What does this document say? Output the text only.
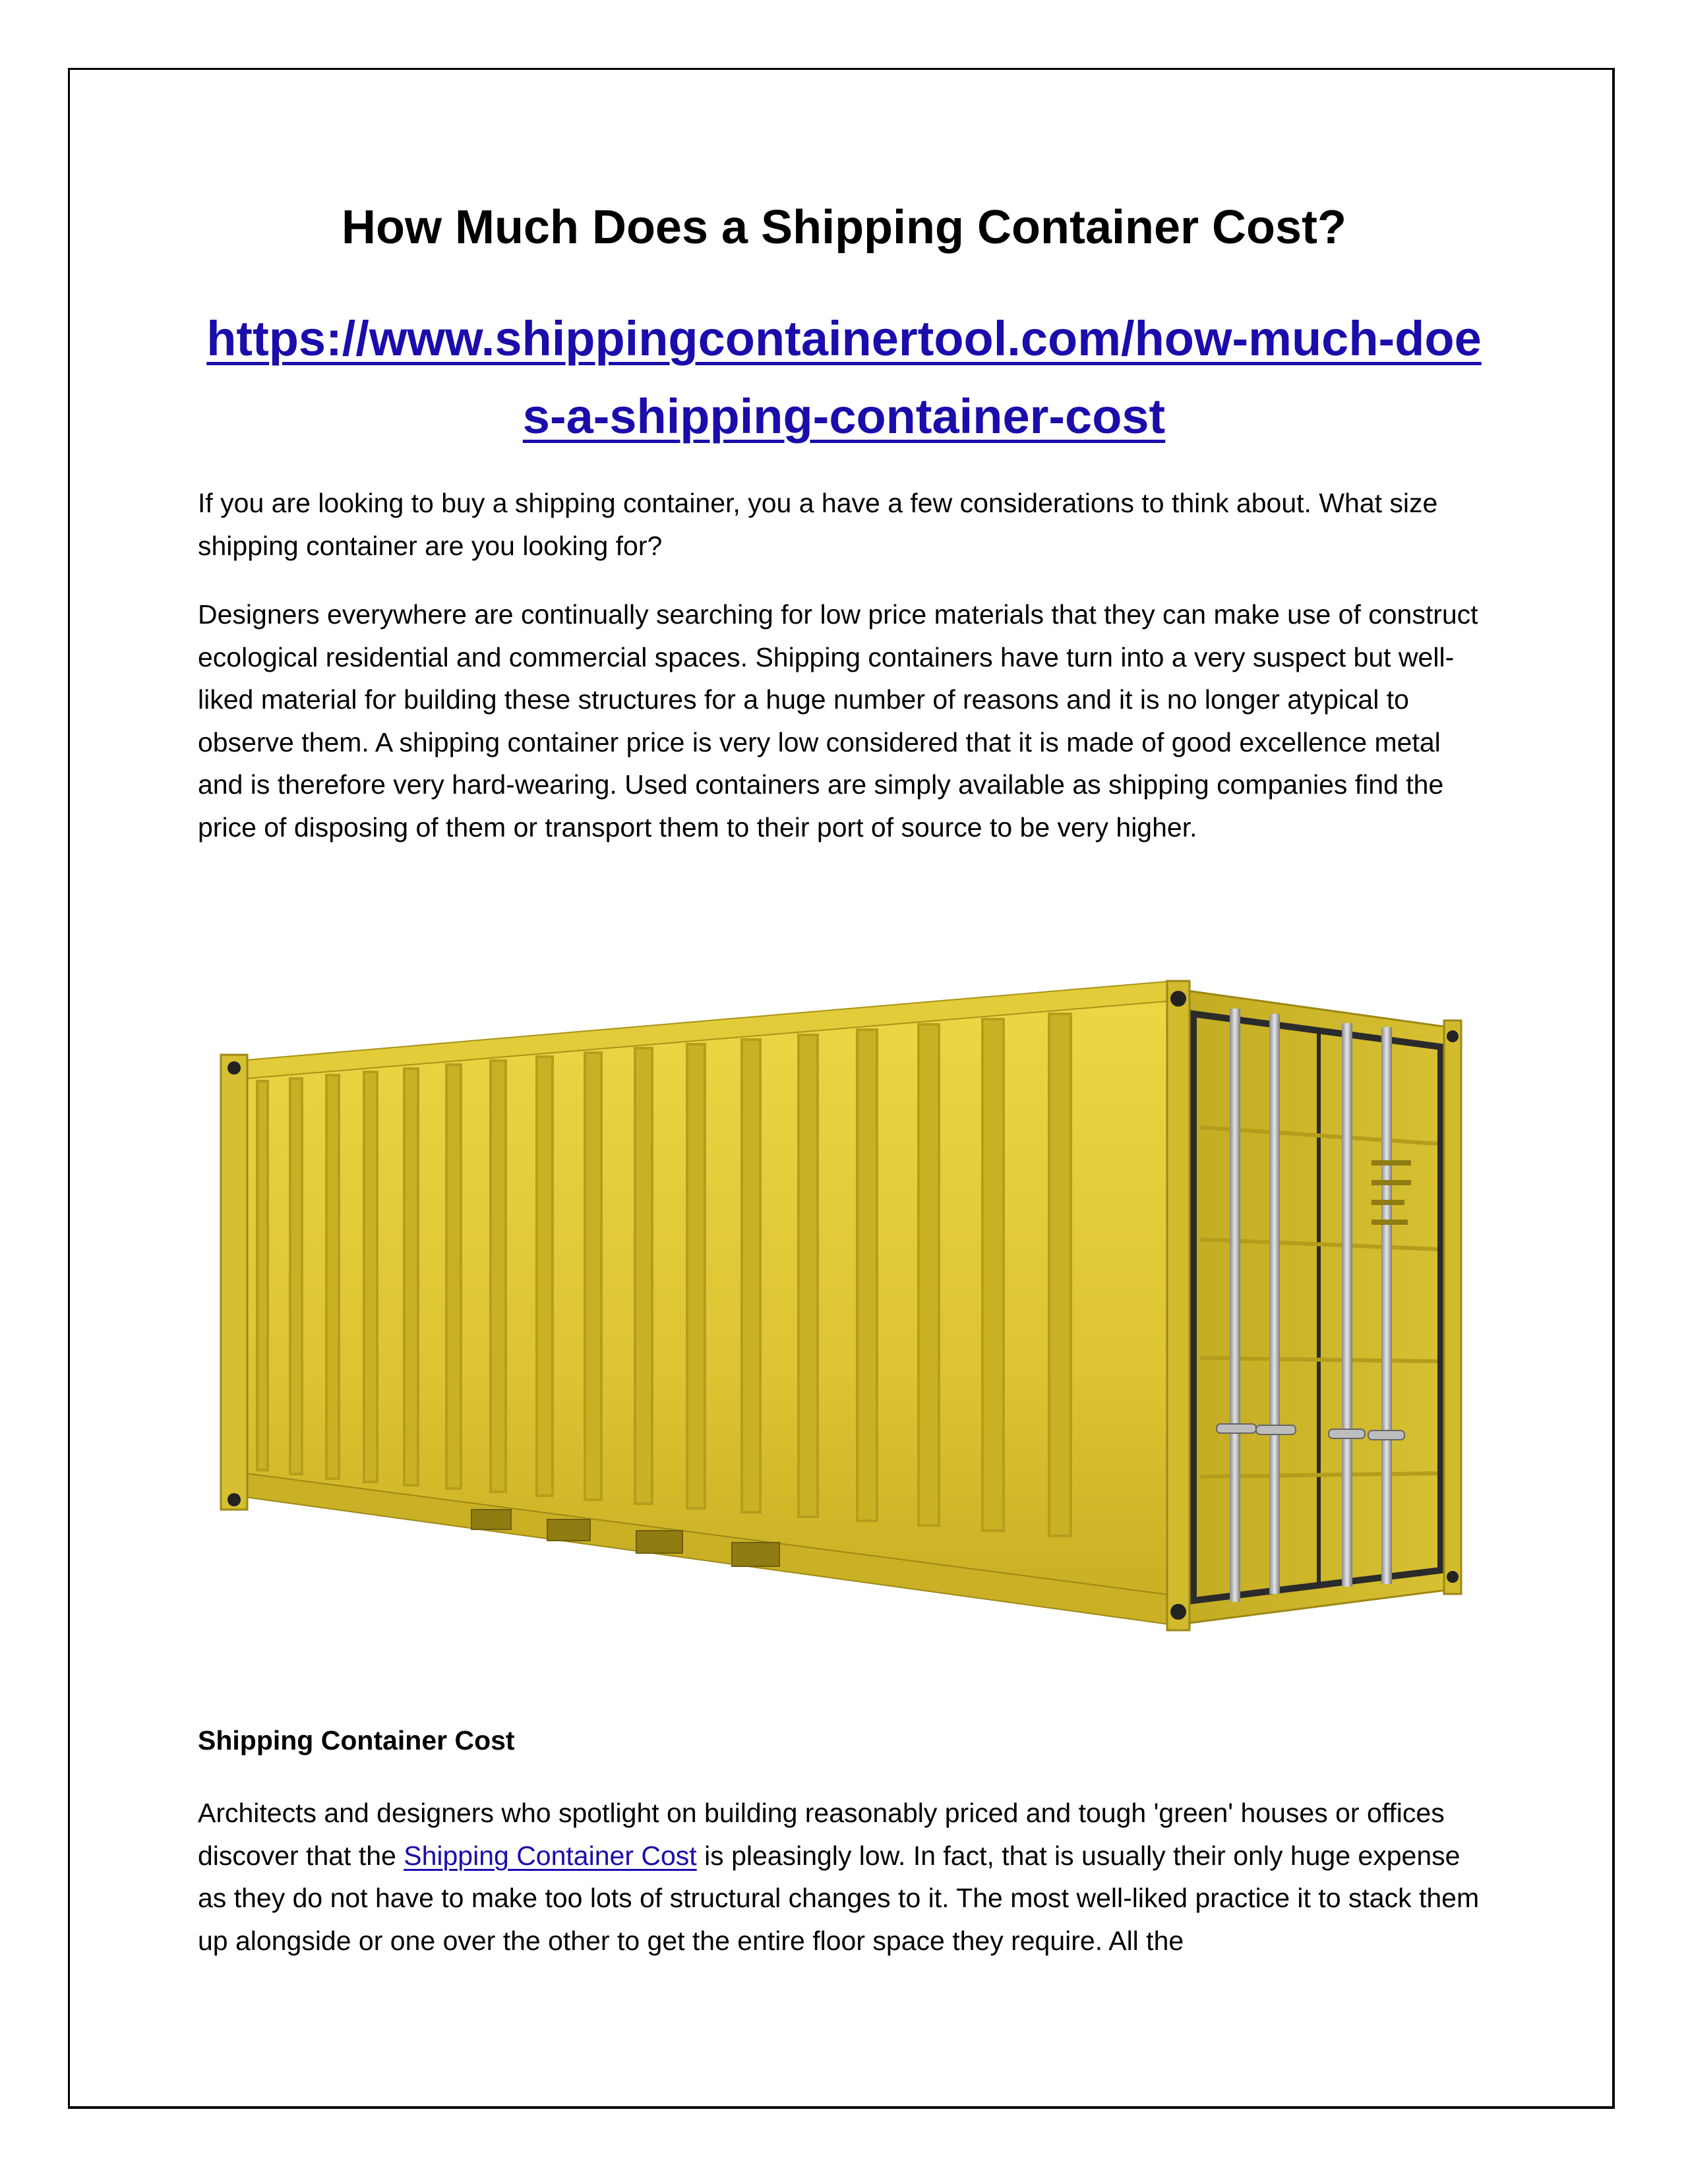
How Much Does a Shipping Container Cost?
https://www.shippingcontainertool.com/how-much-does-a-shipping-container-cost

If you are looking to buy a shipping container, you a have a few considerations to think about. What size shipping container are you looking for?

Designers everywhere are continually searching for low price materials that they can make use of construct ecological residential and commercial spaces. Shipping containers have turn into a very suspect but well-liked material for building these structures for a huge number of reasons and it is no longer atypical to observe them. A shipping container price is very low considered that it is made of good excellence metal and is therefore very hard-wearing. Used containers are simply available as shipping companies find the price of disposing of them or transport them to their port of source to be very higher.

Shipping Container Cost

Architects and designers who spotlight on building reasonably priced and tough 'green' houses or offices discover that the Shipping Container Cost is pleasingly low. In fact, that is usually their only huge expense as they do not have to make too lots of structural changes to it. The most well-liked practice it to stack them up alongside or one over the other to get the entire floor space they require. All the
